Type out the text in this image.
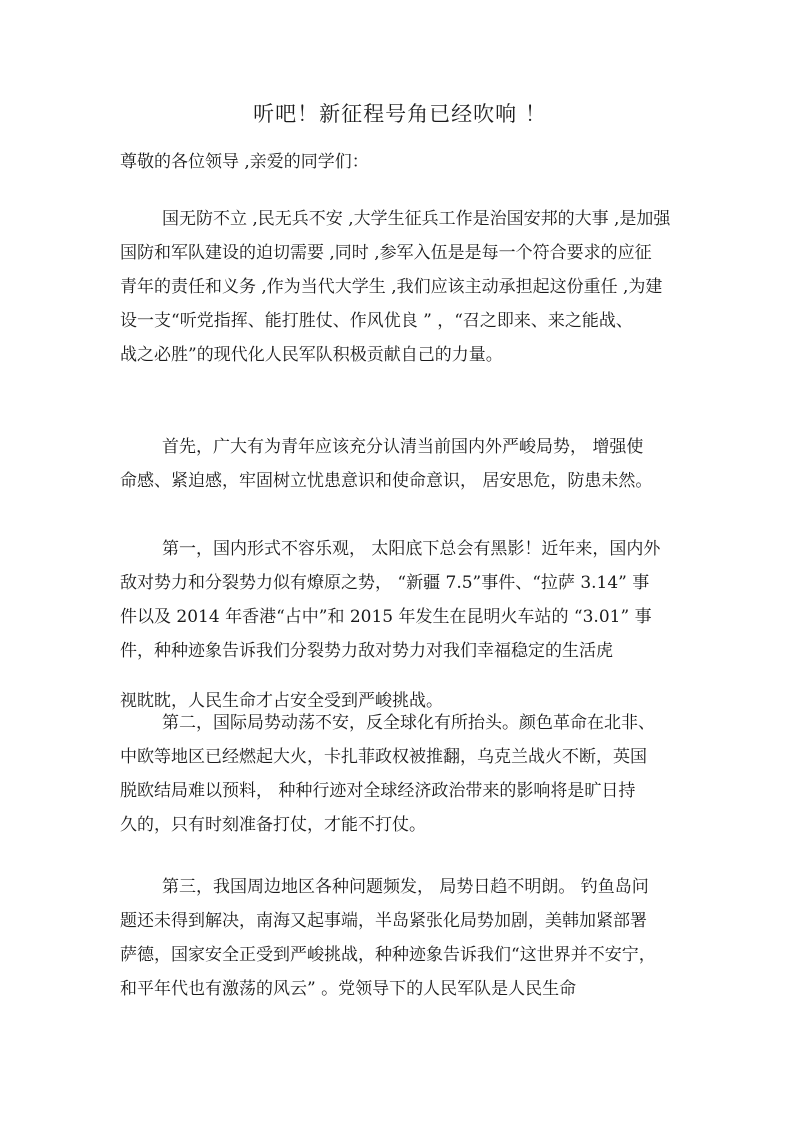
听吧！新征程号角已经吹响 ！
尊敬的各位领导 ,亲爱的同学们：
国无防不立 ,民无兵不安 ,大学生征兵工作是治国安邦的大事 ,是加强
国防和军队建设的迫切需要 ,同时 ,参军入伍是是每一个符合要求的应征
青年的责任和义务 ,作为当代大学生 ,我们应该主动承担起这份重任 ,为建
设一支“听党指挥、能打胜仗、作风优良 ” ，“召之即来、来之能战、
战之必胜”的现代化人民军队积极贡献自己的力量。
首先，广大有为青年应该充分认清当前国内外严峻局势， 增强使
命感、紧迫感，牢固树立忧患意识和使命意识， 居安思危，防患未然。
第一，国内形式不容乐观， 太阳底下总会有黑影！近年来，国内外
敌对势力和分裂势力似有燎原之势， “新疆 7.5”事件、“拉萨 3.14” 事
件以及 2014 年香港“占中”和 2015 年发生在昆明火车站的 “3.01” 事
件，种种迹象告诉我们分裂势力敌对势力对我们幸福稳定的生活虎
视眈眈，人民生命才占安全受到严峻挑战。
第二，国际局势动荡不安，反全球化有所抬头。颜色革命在北非、
中欧等地区已经燃起大火，卡扎菲政权被推翻，乌克兰战火不断，英国
脱欧结局难以预料， 种种行迹对全球经济政治带来的影响将是旷日持
久的，只有时刻准备打仗，才能不打仗。
第三，我国周边地区各种问题频发， 局势日趋不明朗。 钓鱼岛问
题还未得到解决，南海又起事端，半岛紧张化局势加剧，美韩加紧部署
萨德，国家安全正受到严峻挑战，种种迹象告诉我们“这世界并不安宁，
和平年代也有激荡的风云” 。党领导下的人民军队是人民生命
